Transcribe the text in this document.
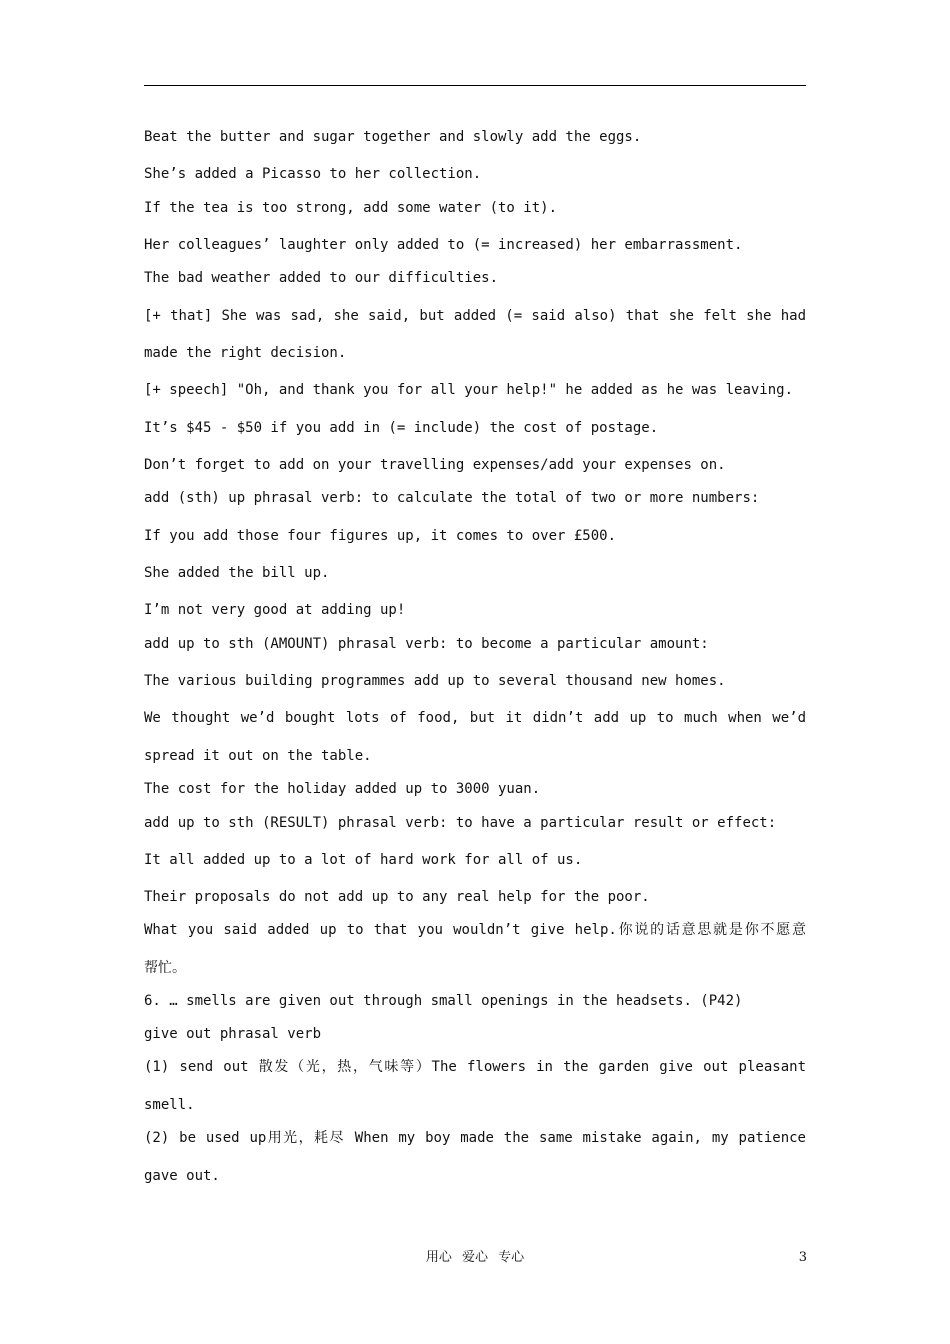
Beat the butter and sugar together and slowly add the eggs.
She’s added a Picasso to her collection.
If the tea is too strong, add some water (to it).
Her colleagues’ laughter only added to (= increased) her embarrassment.
The bad weather added to our difficulties.
[+ that] She was sad, she said, but added (= said also) that she felt she had
made the right decision.
[+ speech] "Oh, and thank you for all your help!" he added as he was leaving.
It’s $45 - $50 if you add in (= include) the cost of postage.
Don’t forget to add on your travelling expenses/add your expenses on.
add (sth) up phrasal verb: to calculate the total of two or more numbers:
If you add those four figures up, it comes to over £500.
She added the bill up.
I’m not very good at adding up!
add up to sth (AMOUNT) phrasal verb: to become a particular amount:
The various building programmes add up to several thousand new homes.
We thought we’d bought lots of food, but it didn’t add up to much when we’d
spread it out on the table.
The cost for the holiday added up to 3000 yuan.
add up to sth (RESULT) phrasal verb: to have a particular result or effect:
It all added up to a lot of hard work for all of us.
Their proposals do not add up to any real help for the poor.
What you said added up to that you wouldn’t give help.你说的话意思就是你不愿意
帮忙。
6. … smells are given out through small openings in the headsets. (P42)
give out phrasal verb
(1) send out 散发（光，热，气味等）The flowers in the garden give out pleasant
smell.
(2) be used up用光，耗尽 When my boy made the same mistake again, my patience
gave out.
用心 爱心 专心	3
